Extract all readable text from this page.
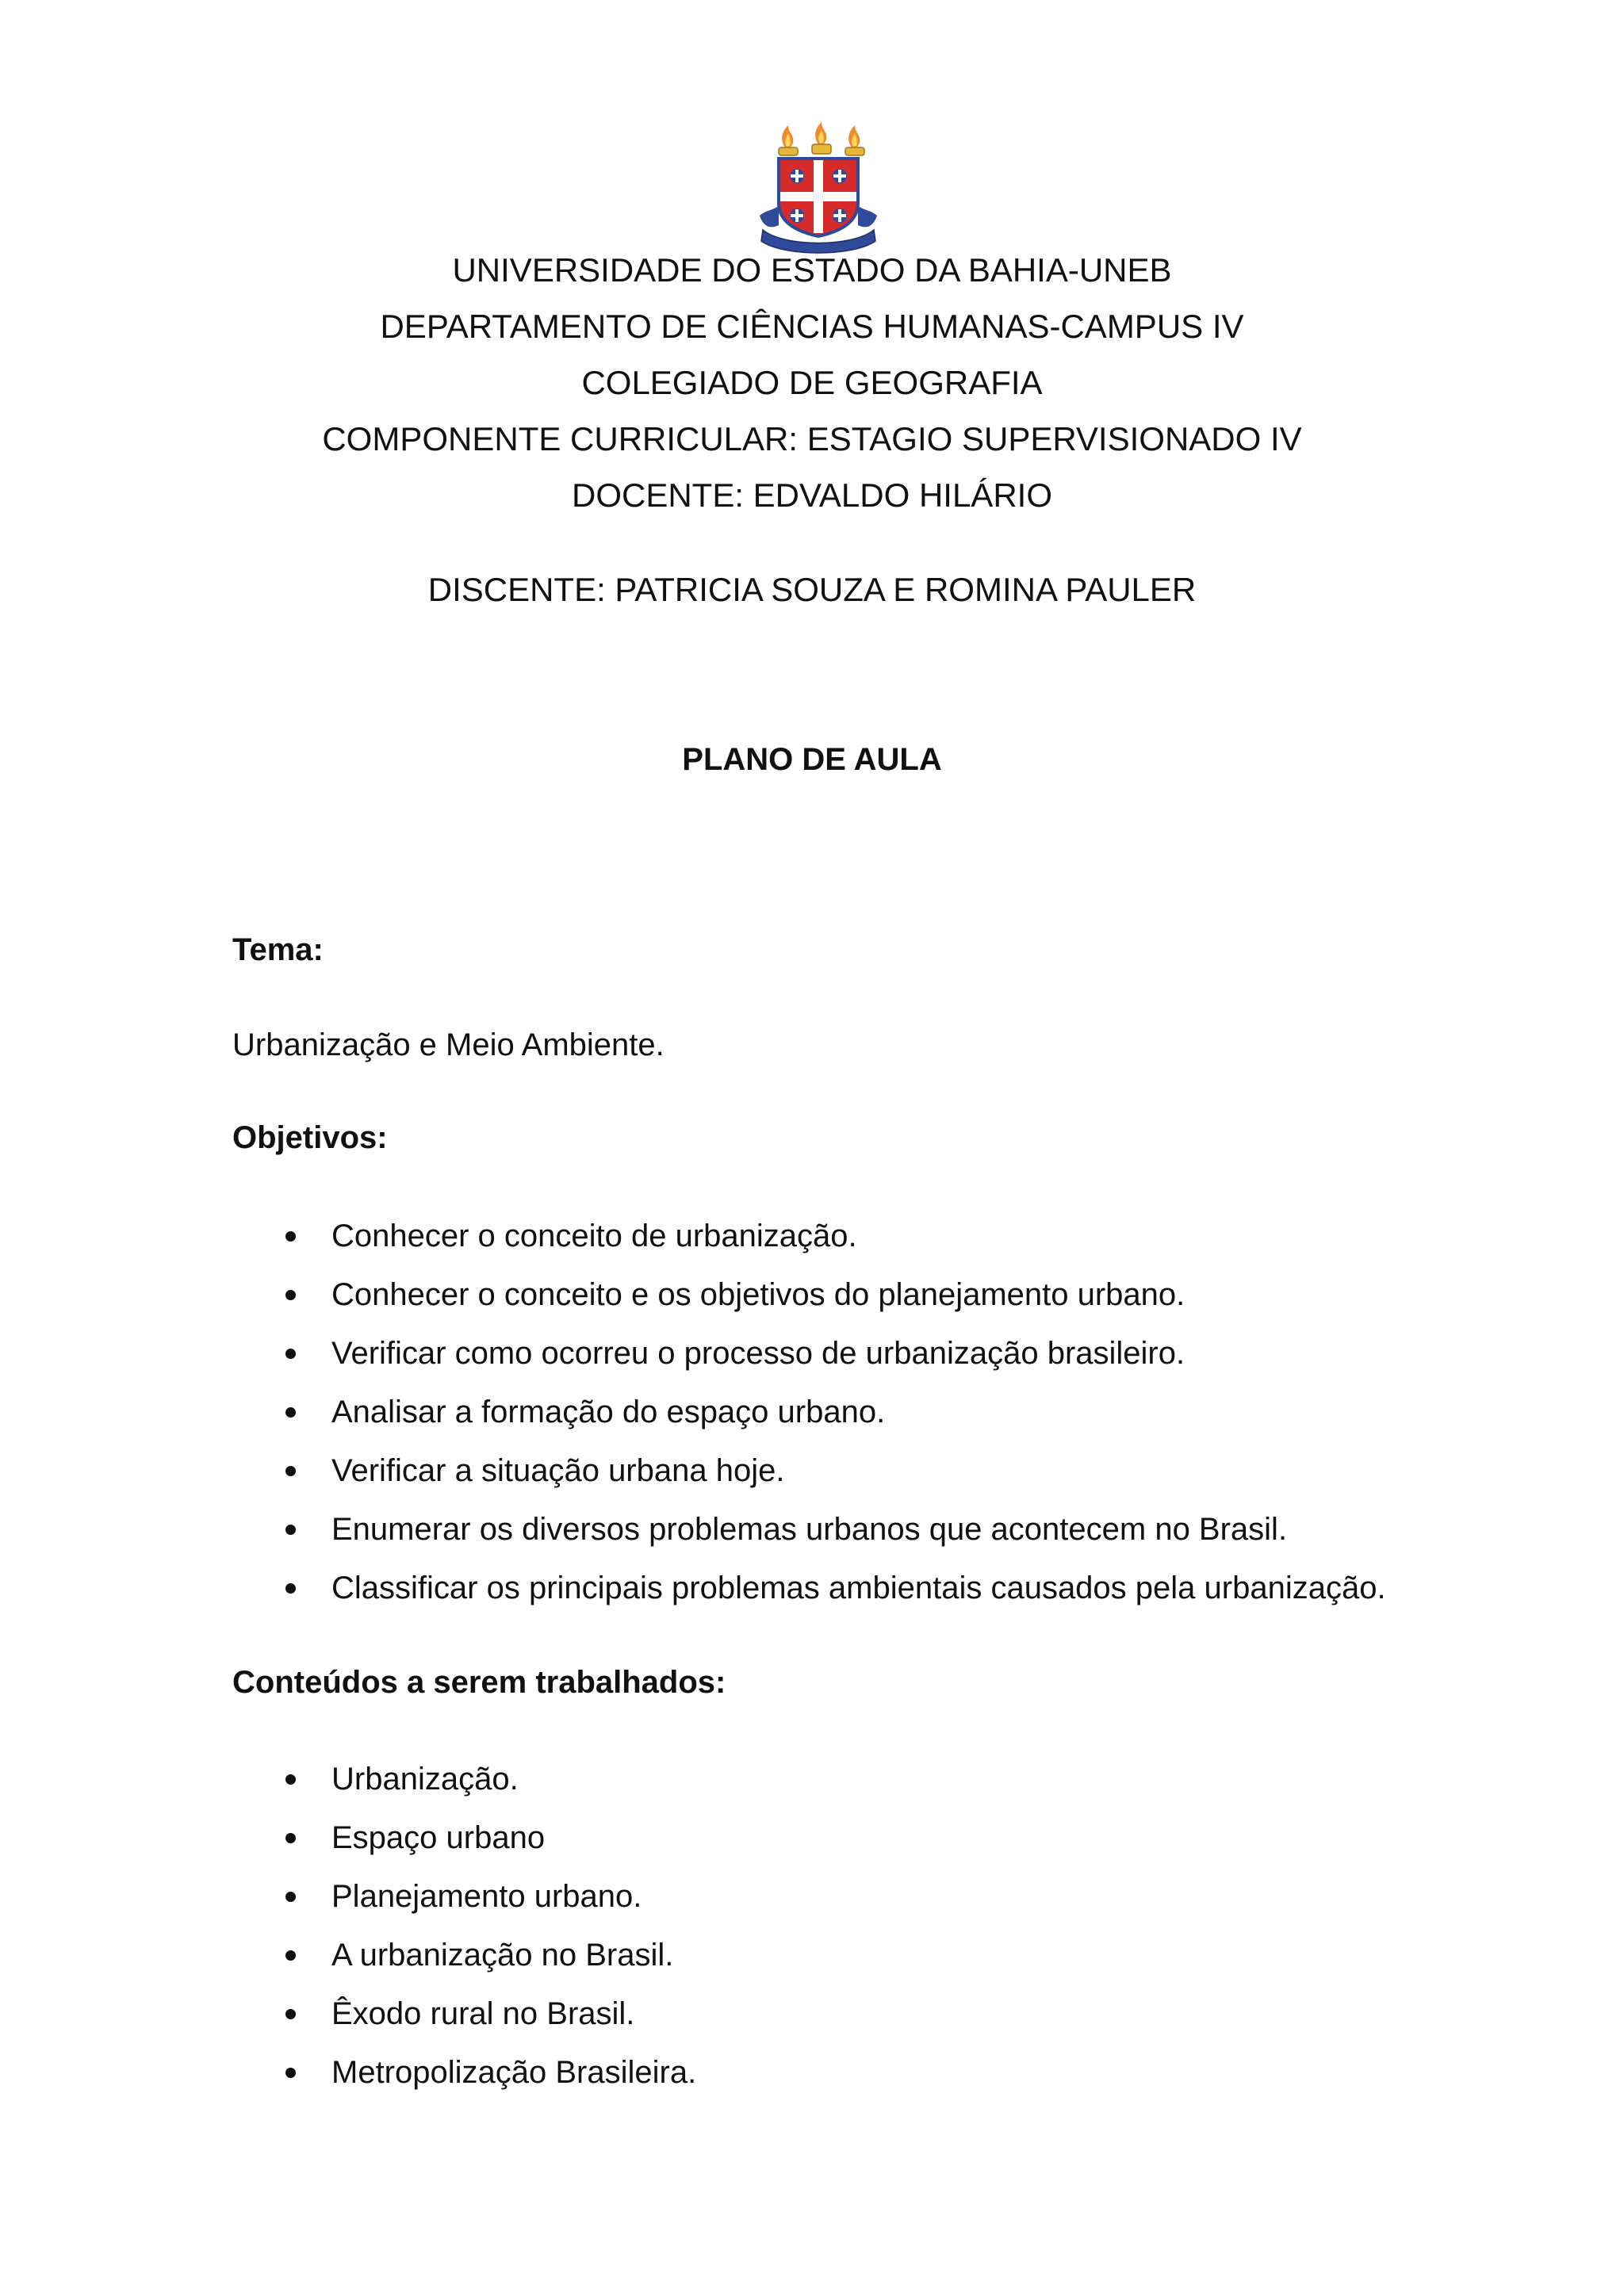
UNIVERSIDADE DO ESTADO DA BAHIA-UNEB

DEPARTAMENTO DE CIÊNCIAS HUMANAS-CAMPUS IV

COLEGIADO DE GEOGRAFIA

COMPONENTE CURRICULAR: ESTAGIO SUPERVISIONADO IV

DOCENTE: EDVALDO HILÁRIO

DISCENTE: PATRICIA SOUZA E ROMINA PAULER
PLANO DE AULA
Tema:
Urbanização e Meio Ambiente.
Objetivos:
Conhecer o conceito de urbanização.
Conhecer o conceito e os objetivos do planejamento urbano.
Verificar como ocorreu o processo de urbanização brasileiro.
Analisar a formação do espaço urbano.
Verificar a situação urbana hoje.
Enumerar os diversos problemas urbanos que acontecem no Brasil.
Classificar os principais problemas ambientais causados pela urbanização.
Conteúdos a serem trabalhados:
Urbanização.
Espaço urbano
Planejamento urbano.
A urbanização no Brasil.
Êxodo rural no Brasil.
Metropolização Brasileira.
